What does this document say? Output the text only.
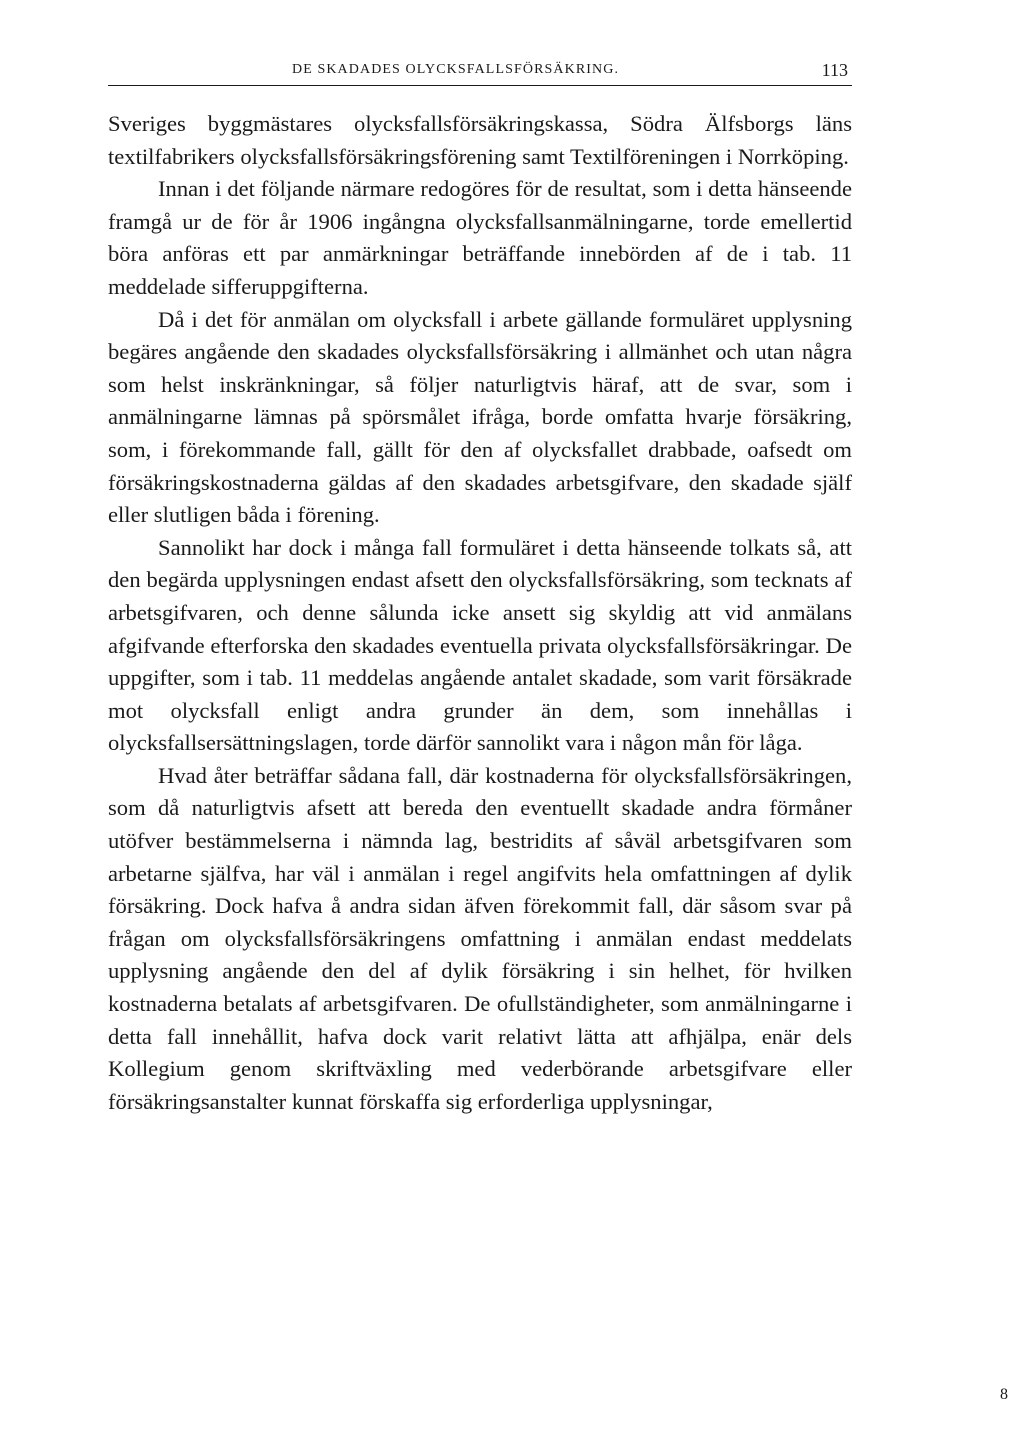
DE SKADADES OLYCKSFALLSFÖRSÄKRING.	113

Sveriges byggmästares olycksfallsförsäkringskassa, Södra Älfsborgs läns textilfabrikers olycksfallsförsäkringsförening samt Textilföreningen i Norrköping.

Innan i det följande närmare redogöres för de resultat, som i detta hänseende framgå ur de för år 1906 ingångna olycksfallsanmälningarne, torde emellertid böra anföras ett par anmärkningar beträffande innebörden af de i tab. 11 meddelade sifferuppgifterna.

Då i det för anmälan om olycksfall i arbete gällande formuläret upplysning begäres angående den skadades olycksfallsförsäkring i allmänhet och utan några som helst inskränkningar, så följer naturligtvis häraf, att de svar, som i anmälningarne lämnas på spörsmålet ifråga, borde omfatta hvarje försäkring, som, i förekommande fall, gällt för den af olycksfallet drabbade, oafsedt om försäkringskostnaderna gäldas af den skadades arbetsgifvare, den skadade själf eller slutligen båda i förening.

Sannolikt har dock i många fall formuläret i detta hänseende tolkats så, att den begärda upplysningen endast afsett den olycksfallsförsäkring, som tecknats af arbetsgifvaren, och denne sålunda icke ansett sig skyldig att vid anmälans afgifvande efterforska den skadades eventuella privata olycksfallsförsäkringar. De uppgifter, som i tab. 11 meddelas angående antalet skadade, som varit försäkrade mot olycksfall enligt andra grunder än dem, som innehållas i olycksfallsersättningslagen, torde därför sannolikt vara i någon mån för låga.

Hvad åter beträffar sådana fall, där kostnaderna för olycksfallsförsäkringen, som då naturligtvis afsett att bereda den eventuellt skadade andra förmåner utöfver bestämmelserna i nämnda lag, bestridits af såväl arbetsgifvaren som arbetarne själfva, har väl i anmälan i regel angifvits hela omfattningen af dylik försäkring. Dock hafva å andra sidan äfven förekommit fall, där såsom svar på frågan om olycksfallsförsäkringens omfattning i anmälan endast meddelats upplysning angående den del af dylik försäkring i sin helhet, för hvilken kostnaderna betalats af arbetsgifvaren. De ofullständigheter, som anmälningarne i detta fall innehållit, hafva dock varit relativt lätta att afhjälpa, enär dels Kollegium genom skriftväxling med vederbörande arbetsgifvare eller försäkringsanstalter kunnat förskaffa sig erforderliga upplysningar,

8
